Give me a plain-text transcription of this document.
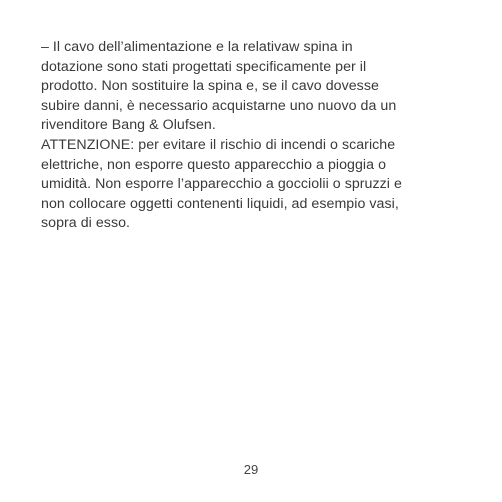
– Il cavo dell’alimentazione e la relativaw spina in
dotazione sono stati progettati specificamente per il
prodotto. Non sostituire la spina e, se il cavo dovesse
subire danni, è necessario acquistarne uno nuovo da un
rivenditore Bang & Olufsen.
ATTENZIONE: per evitare il rischio di incendi o scariche
elettriche, non esporre questo apparecchio a pioggia o
umidità. Non esporre l’apparecchio a gocciolii o spruzzi e
non collocare oggetti contenenti liquidi, ad esempio vasi,
sopra di esso.
29
